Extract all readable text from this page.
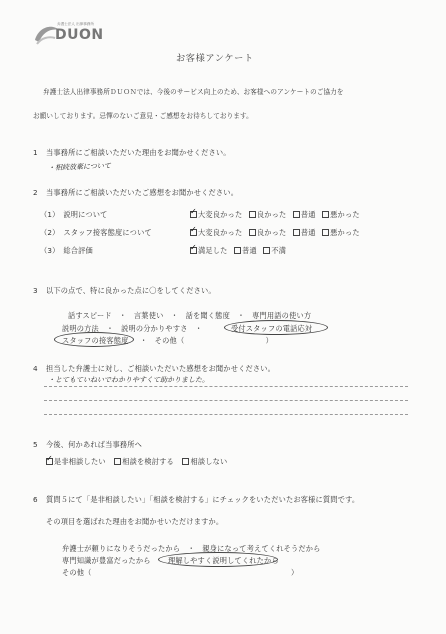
弁護士法人 出律事務所
DUON
お客様アンケート
弁護士法人出律事務所ＤＵＯＮでは、今後のサービス向上のため、お客様へのアンケートのご協力を
お願いしております。忌憚のないご意見・ご感想をお待ちしております。
1 当事務所にご相談いただいた理由をお聞かせください。
・相続放棄について
2 当事務所にご相談いただいたご感想をお聞かせください。
（1）　説明について ✓	大変良かった 良かった 普通 悪かった
（2）　スタッフ接客態度について ✓	大変良かった 良かった 普通 悪かった
（3）　総合評価 ✓	満足した 普通 不満
3 以下の点で、特に良かった点に〇をしてください。
話すスピード　・　言葉使い　・　話を聞く態度　・　専門用語の使い方
説明の方法　・　説明の分かりやすさ　・	受付スタッフの電話応対
スタッフの接客態度 ・　その他（　　　　　　　　　　　）
4 担当した弁護士に対し、ご相談いただいた感想をお聞かせください。
・とてもていねいでわかりやすくて助かりました。
5 今後、何かあれば当事務所へ
✓是非相談したい 相談を検討する 相談しない
6 質問５にて「是非相談したい」「相談を検討する」にチェックをいただいたお客様に質問です。
その項目を選ばれた理由をお聞かせいただけますか。
弁護士が頼りになりそうだったから　・　親身になって考えてくれそうだから
専門知識が豊富だったから 理解しやすく説明してくれたから
その他（　　　　　　　　　　　　　　　　　　　　　　　　　　　）
